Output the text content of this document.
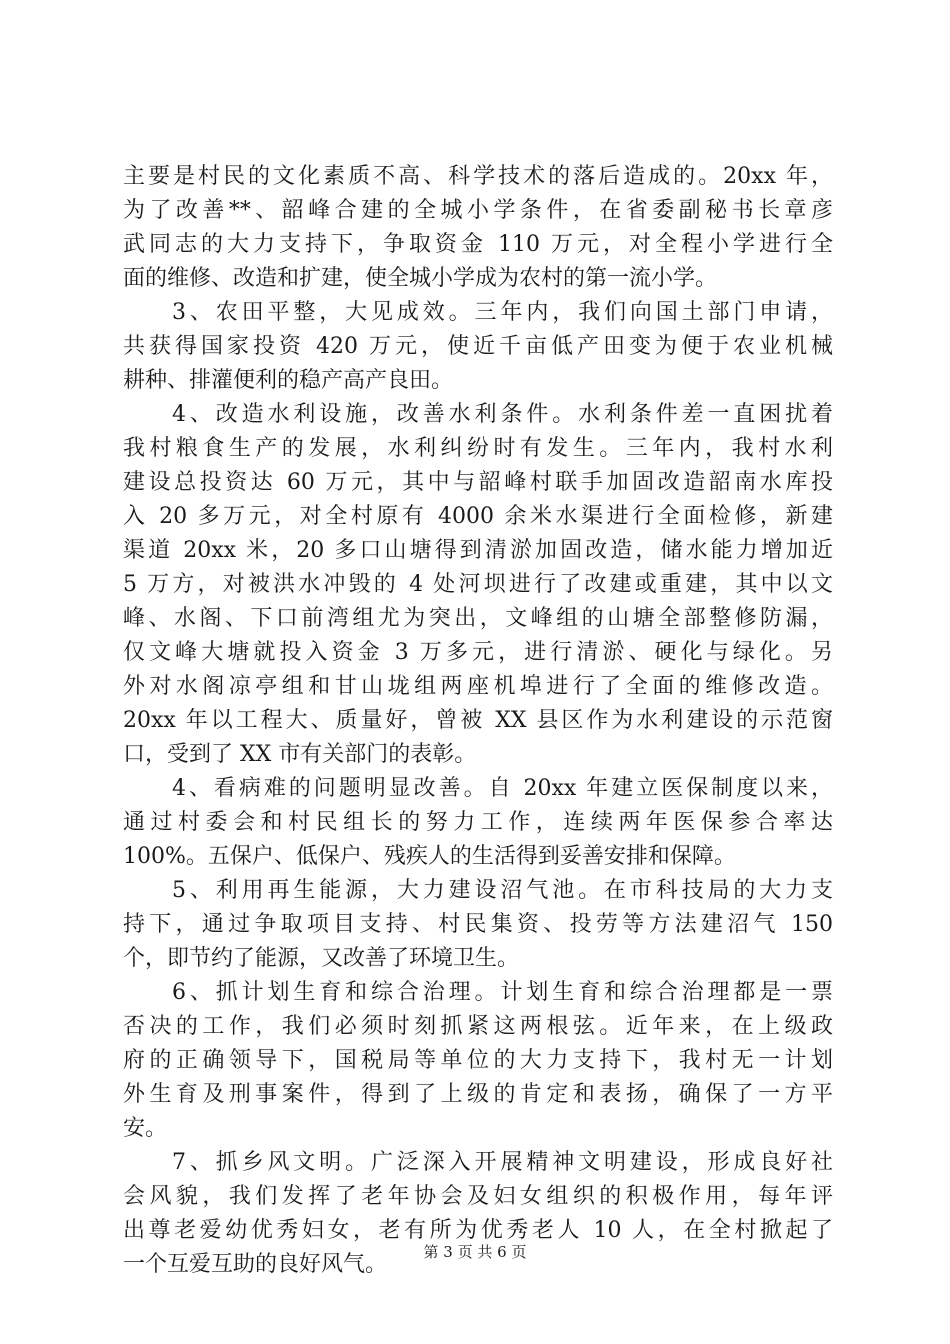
主要是村民的文化素质不高、科学技术的落后造成的。20xx 年，
为了改善**、韶峰合建的全城小学条件，在省委副秘书长章彦
武同志的大力支持下，争取资金 110 万元，对全程小学进行全
面的维修、改造和扩建，使全城小学成为农村的第一流小学。
3、农田平整，大见成效。三年内，我们向国土部门申请，
共获得国家投资 420 万元，使近千亩低产田变为便于农业机械
耕种、排灌便利的稳产高产良田。
4、改造水利设施，改善水利条件。水利条件差一直困扰着
我村粮食生产的发展，水利纠纷时有发生。三年内，我村水利
建设总投资达 60 万元，其中与韶峰村联手加固改造韶南水库投
入 20 多万元，对全村原有 4000 余米水渠进行全面检修，新建
渠道 20xx 米，20 多口山塘得到清淤加固改造，储水能力增加近
5 万方，对被洪水冲毁的 4 处河坝进行了改建或重建，其中以文
峰、水阁、下口前湾组尤为突出，文峰组的山塘全部整修防漏，
仅文峰大塘就投入资金 3 万多元，进行清淤、硬化与绿化。另
外对水阁凉亭组和甘山垅组两座机埠进行了全面的维修改造。
20xx 年以工程大、质量好，曾被 XX 县区作为水利建设的示范窗
口，受到了 XX 市有关部门的表彰。
4、看病难的问题明显改善。自 20xx 年建立医保制度以来，
通过村委会和村民组长的努力工作，连续两年医保参合率达
100%。五保户、低保户、残疾人的生活得到妥善安排和保障。
5、利用再生能源，大力建设沼气池。在市科技局的大力支
持下，通过争取项目支持、村民集资、投劳等方法建沼气 150
个，即节约了能源，又改善了环境卫生。
6、抓计划生育和综合治理。计划生育和综合治理都是一票
否决的工作，我们必须时刻抓紧这两根弦。近年来，在上级政
府的正确领导下，国税局等单位的大力支持下，我村无一计划
外生育及刑事案件，得到了上级的肯定和表扬，确保了一方平
安。
7、抓乡风文明。广泛深入开展精神文明建设，形成良好社
会风貌，我们发挥了老年协会及妇女组织的积极作用，每年评
出尊老爱幼优秀妇女，老有所为优秀老人 10 人，在全村掀起了
一个互爱互助的良好风气。	第 3 页 共 6 页
